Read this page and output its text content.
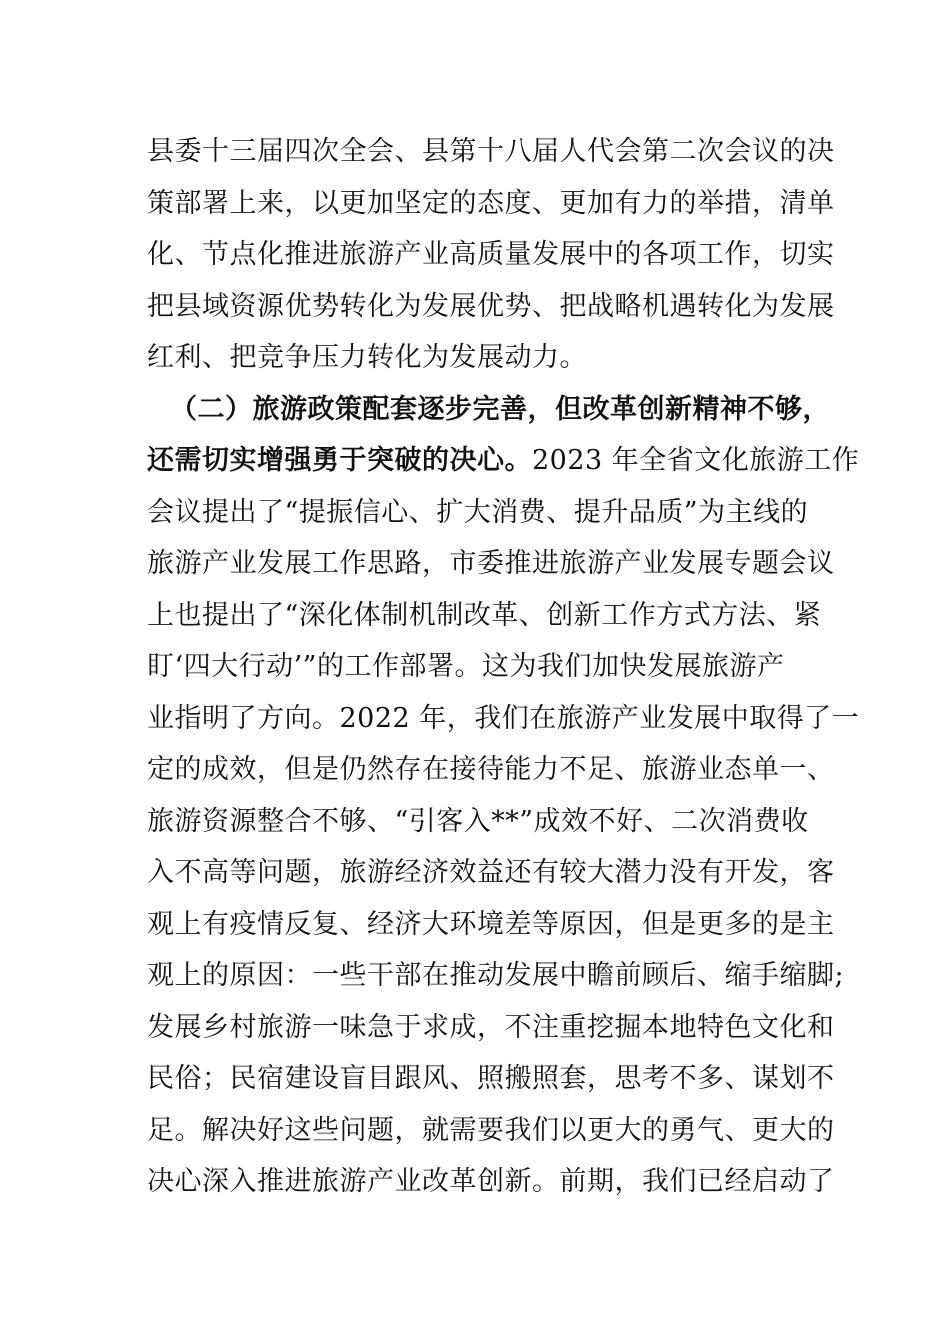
县委十三届四次全会、县第十八届人代会第二次会议的决
策部署上来，以更加坚定的态度、更加有力的举措，清单
化、节点化推进旅游产业高质量发展中的各项工作，切实
把县域资源优势转化为发展优势、把战略机遇转化为发展
红利、把竞争压力转化为发展动力。
（二）旅游政策配套逐步完善，但改革创新精神不够，
还需切实增强勇于突破的决心。2023 年全省文化旅游工作
会议提出了“提振信心、扩大消费、提升品质”为主线的
旅游产业发展工作思路，市委推进旅游产业发展专题会议
上也提出了“深化体制机制改革、创新工作方式方法、紧
盯‘四大行动’”的工作部署。这为我们加快发展旅游产
业指明了方向。2022 年，我们在旅游产业发展中取得了一
定的成效，但是仍然存在接待能力不足、旅游业态单一、
旅游资源整合不够、“引客入**”成效不好、二次消费收
入不高等问题，旅游经济效益还有较大潜力没有开发，客
观上有疫情反复、经济大环境差等原因，但是更多的是主
观上的原因：一些干部在推动发展中瞻前顾后、缩手缩脚;
发展乡村旅游一味急于求成，不注重挖掘本地特色文化和
民俗；民宿建设盲目跟风、照搬照套，思考不多、谋划不
足。解决好这些问题，就需要我们以更大的勇气、更大的
决心深入推进旅游产业改革创新。前期，我们已经启动了
